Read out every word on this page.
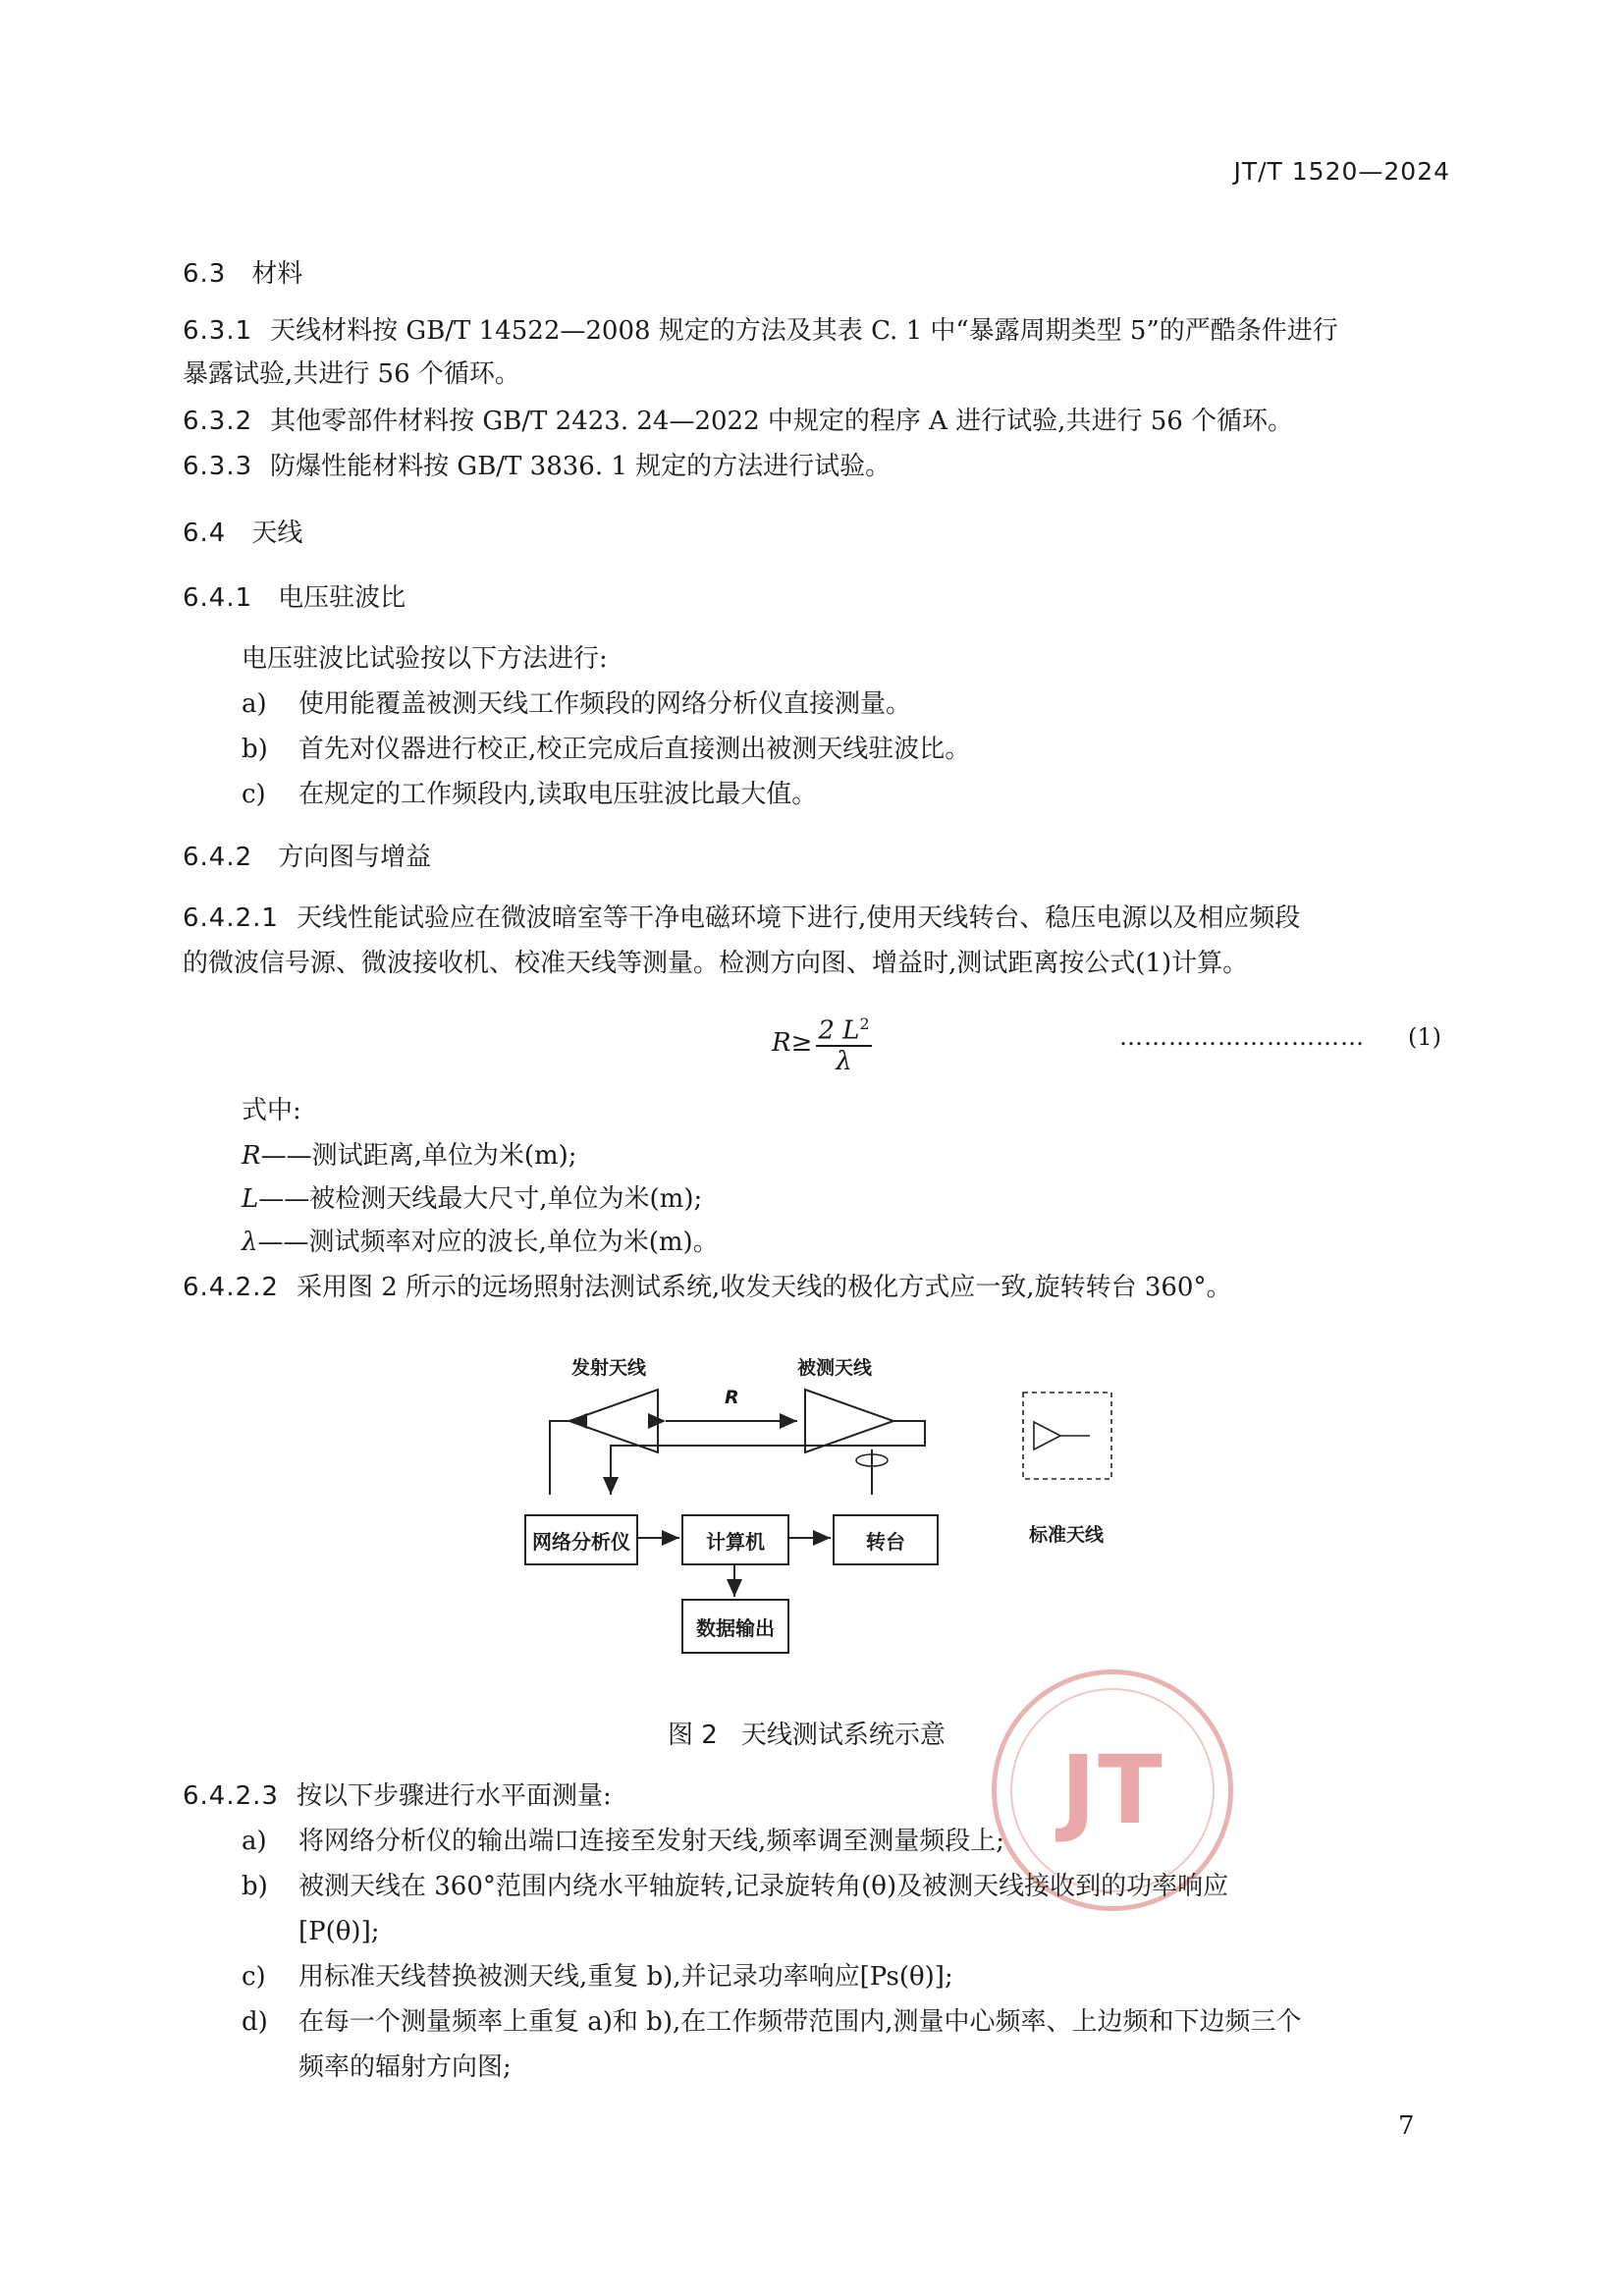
JT/T 1520—2024
6.3 材料
6.3.1 天线材料按 GB/T 14522—2008 规定的方法及其表 C. 1 中“暴露周期类型 5”的严酷条件进行
暴露试验,共进行 56 个循环。
6.3.2 其他零部件材料按 GB/T 2423. 24—2022 中规定的程序 A 进行试验,共进行 56 个循环。
6.3.3 防爆性能材料按 GB/T 3836. 1 规定的方法进行试验。
6.4 天线
6.4.1 电压驻波比
电压驻波比试验按以下方法进行:
a) 使用能覆盖被测天线工作频段的网络分析仪直接测量。
b) 首先对仪器进行校正,校正完成后直接测出被测天线驻波比。
c) 在规定的工作频段内,读取电压驻波比最大值。
6.4.2 方向图与增益
6.4.2.1 天线性能试验应在微波暗室等干净电磁环境下进行,使用天线转台、稳压电源以及相应频段
的微波信号源、微波接收机、校准天线等测量。检测方向图、增益时,测试距离按公式(1)计算。
$R\ge \frac{2 L^2}{\lambda}$	………………………… (1)
式中:
R——测试距离,单位为米(m);
L——被检测天线最大尺寸,单位为米(m);
λ——测试频率对应的波长,单位为米(m)。
6.4.2.2 采用图 2 所示的远场照射法测试系统,收发天线的极化方式应一致,旋转转台 360°。
发射天线	被测天线
R
网络分析仪	计算机	转台
数据输出
标准天线
JT
图 2 天线测试系统示意
6.4.2.3 按以下步骤进行水平面测量:
a) 将网络分析仪的输出端口连接至发射天线,频率调至测量频段上;
b) 被测天线在 360°范围内绕水平轴旋转,记录旋转角(θ)及被测天线接收到的功率响应
[P(θ)];
c) 用标准天线替换被测天线,重复 b),并记录功率响应[Ps(θ)];
d) 在每一个测量频率上重复 a)和 b),在工作频带范围内,测量中心频率、上边频和下边频三个
频率的辐射方向图;
7
